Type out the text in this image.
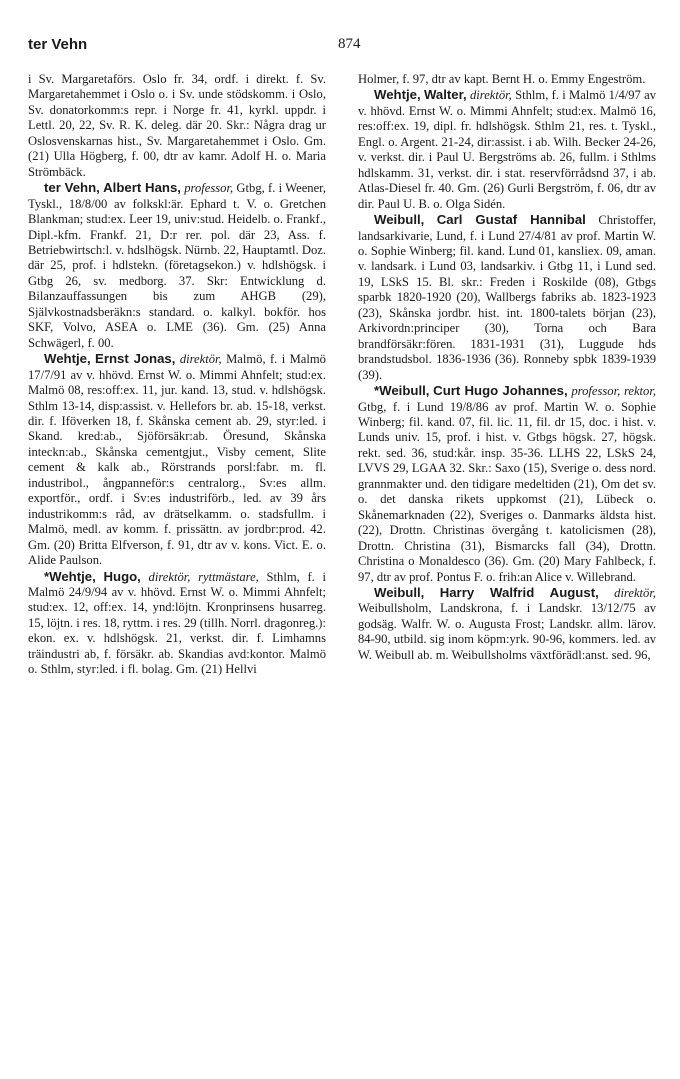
ter Vehn	874

i Sv. Margaretaförs. Oslo fr. 34, ordf. i direkt. f. Sv. Margaretahemmet i Oslo o. i Sv. unde stödskomm. i Oslo, Sv. donatorkomm:s repr. i Norge fr. 41, kyrkl. uppdr. i Lettl. 20, 22, Sv. R. K. deleg. där 20. Skr.: Några drag ur Oslosvenskarnas hist., Sv. Margaretahemmet i Oslo. Gm. (21) Ulla Högberg, f. 00, dtr av kamr. Adolf H. o. Maria Strömbäck.

ter Vehn, Albert Hans, professor, Gtbg, f. i Weener, Tyskl., 18/8/00 av folkskl:är. Ephard t. V. o. Gretchen Blankman; stud:ex. Leer 19, univ:stud. Heidelb. o. Frankf., Dipl.-kfm. Frankf. 21, D:r rer. pol. där 23, Ass. f. Betriebwirtsch:l. v. hdslhögsk. Nürnb. 22, Hauptamtl. Doz. där 25, prof. i hdlstekn. (företagsekon.) v. hdlshögsk. i Gtbg 26, sv. medborg. 37. Skr: Entwicklung d. Bilanzauffassungen bis zum AHGB (29), Självkostnadsberäkn:s standard. o. kalkyl. bokför. hos SKF, Volvo, ASEA o. LME (36). Gm. (25) Anna Schwägerl, f. 00.

Wehtje, Ernst Jonas, direktör, Malmö, f. i Malmö 17/7/91 av v. hhövd. Ernst W. o. Mimmi Ahnfelt; stud:ex. Malmö 08, res:off:ex. 11, jur. kand. 13, stud. v. hdlshögsk. Sthlm 13-14, disp:assist. v. Hellefors br. ab. 15-18, verkst. dir. f. Iföverken 18, f. Skånska cement ab. 29, styr:led. i Skand. kred:ab., Sjöförsäkr:ab. Öresund, Skånska inteckn:ab., Skånska cementgjut., Visby cement, Slite cement & kalk ab., Rörstrands porsl:fabr. m. fl. industribol., ångpanneför:s centralorg., Sv:es allm. exportför., ordf. i Sv:es industriförb., led. av 39 års industrikomm:s råd, av drätselkamm. o. stadsfullm. i Malmö, medl. av komm. f. prissättn. av jordbr:prod. 42. Gm. (20) Britta Elfverson, f. 91, dtr av v. kons. Vict. E. o. Alide Paulson.

*Wehtje, Hugo, direktör, ryttmästare, Sthlm, f. i Malmö 24/9/94 av v. hhövd. Ernst W. o. Mimmi Ahnfelt; stud:ex. 12, off:ex. 14, ynd:löjtn. Kronprinsens husarreg. 15, löjtn. i res. 18, ryttm. i res. 29 (tillh. Norrl. dragonreg.): ekon. ex. v. hdlshögsk. 21, verkst. dir. f. Limhamns träindustri ab, f. försäkr. ab. Skandias avd:kontor. Malmö o. Sthlm, styr:led. i fl. bolag. Gm. (21) Hellvi

Holmer, f. 97, dtr av kapt. Bernt H. o. Emmy Engeström.

Wehtje, Walter, direktör, Sthlm, f. i Malmö 1/4/97 av v. hhövd. Ernst W. o. Mimmi Ahnfelt; stud:ex. Malmö 16, res:off:ex. 19, dipl. fr. hdlshögsk. Sthlm 21, res. t. Tyskl., Engl. o. Argent. 21-24, dir:assist. i ab. Wilh. Becker 24-26, v. verkst. dir. i Paul U. Bergströms ab. 26, fullm. i Sthlms hdlskamm. 31, verkst. dir. i stat. reservförrådsnd 37, i ab. Atlas-Diesel fr. 40. Gm. (26) Gurli Bergström, f. 06, dtr av dir. Paul U. B. o. Olga Sidén.

Weibull, Carl Gustaf Hannibal Christoffer, landsarkivarie, Lund, f. i Lund 27/4/81 av prof. Martin W. o. Sophie Winberg; fil. kand. Lund 01, kansliex. 09, aman. v. landsark. i Lund 03, landsarkiv. i Gtbg 11, i Lund sed. 19, LSkS 15. Bl. skr.: Freden i Roskilde (08), Gtbgs sparbk 1820-1920 (20), Wallbergs fabriks ab. 1823-1923 (23), Skånska jordbr. hist. int. 1800-talets början (23), Arkivordn:principer (30), Torna och Bara brandförsäkr:fören. 1831-1931 (31), Luggude hds brandstudsbol. 1836-1936 (36). Ronneby spbk 1839-1939 (39).

*Weibull, Curt Hugo Johannes, professor, rektor, Gtbg, f. i Lund 19/8/86 av prof. Martin W. o. Sophie Winberg; fil. kand. 07, fil. lic. 11, fil. dr 15, doc. i hist. v. Lunds univ. 15, prof. i hist. v. Gtbgs högsk. 27, högsk. rekt. sed. 36, stud:kår. insp. 35-36. LLHS 22, LSkS 24, LVVS 29, LGAA 32. Skr.: Saxo (15), Sverige o. dess nord. grannmakter und. den tidigare medeltiden (21), Om det sv. o. det danska rikets uppkomst (21), Lübeck o. Skånemarknaden (22), Sveriges o. Danmarks äldsta hist. (22), Drottn. Christinas övergång t. katolicismen (28), Drottn. Christina (31), Bismarcks fall (34), Drottn. Christina o Monaldesco (36). Gm. (20) Mary Fahlbeck, f. 97, dtr av prof. Pontus F. o. frih:an Alice v. Willebrand.

Weibull, Harry Walfrid August, direktör, Weibullsholm, Landskrona, f. i Landskr. 13/12/75 av godsäg. Walfr. W. o. Augusta Frost; Landskr. allm. lärov. 84-90, utbild. sig inom köpm:yrk. 90-96, kommers. led. av W. Weibull ab. m. Weibullsholms växtförädl:anst. sed. 96,
